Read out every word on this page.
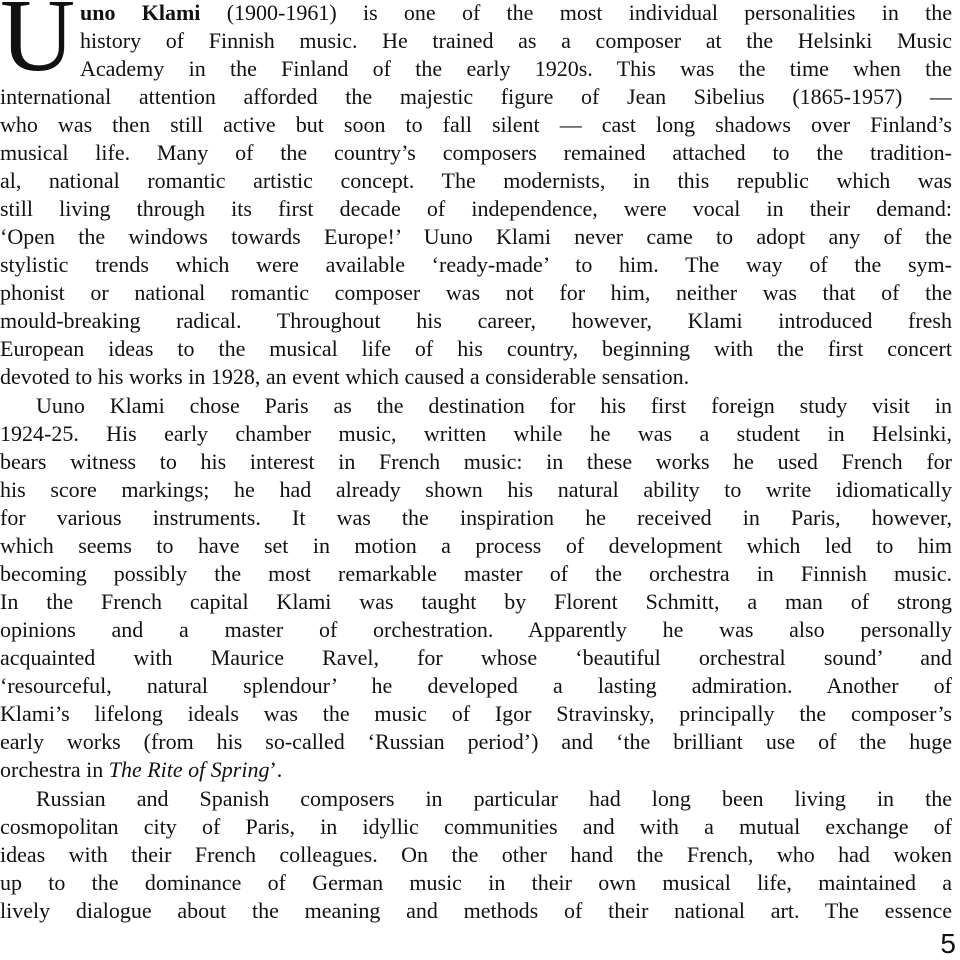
U uno Klami (1900-1961) is one of the most individual personalities in the
history of Finnish music. He trained as a composer at the Helsinki Music
Academy in the Finland of the early 1920s. This was the time when the
international attention afforded the majestic figure of Jean Sibelius (1865-1957) —
who was then still active but soon to fall silent — cast long shadows over Finland’s
musical life. Many of the country’s composers remained attached to the tradition-
al, national romantic artistic concept. The modernists, in this republic which was
still living through its first decade of independence, were vocal in their demand:
‘Open the windows towards Europe!’ Uuno Klami never came to adopt any of the
stylistic trends which were available ‘ready-made’ to him. The way of the sym-
phonist or national romantic composer was not for him, neither was that of the
mould-breaking radical. Throughout his career, however, Klami introduced fresh
European ideas to the musical life of his country, beginning with the first concert
devoted to his works in 1928, an event which caused a considerable sensation.
Uuno Klami chose Paris as the destination for his first foreign study visit in
1924-25. His early chamber music, written while he was a student in Helsinki,
bears witness to his interest in French music: in these works he used French for
his score markings; he had already shown his natural ability to write idiomatically
for various instruments. It was the inspiration he received in Paris, however,
which seems to have set in motion a process of development which led to him
becoming possibly the most remarkable master of the orchestra in Finnish music.
In the French capital Klami was taught by Florent Schmitt, a man of strong
opinions and a master of orchestration. Apparently he was also personally
acquainted with Maurice Ravel, for whose ‘beautiful orchestral sound’ and
‘resourceful, natural splendour’ he developed a lasting admiration. Another of
Klami’s lifelong ideals was the music of Igor Stravinsky, principally the composer’s
early works (from his so-called ‘Russian period’) and ‘the brilliant use of the huge
orchestra in The Rite of Spring’.
Russian and Spanish composers in particular had long been living in the
cosmopolitan city of Paris, in idyllic communities and with a mutual exchange of
ideas with their French colleagues. On the other hand the French, who had woken
up to the dominance of German music in their own musical life, maintained a
lively dialogue about the meaning and methods of their national art. The essence
5
